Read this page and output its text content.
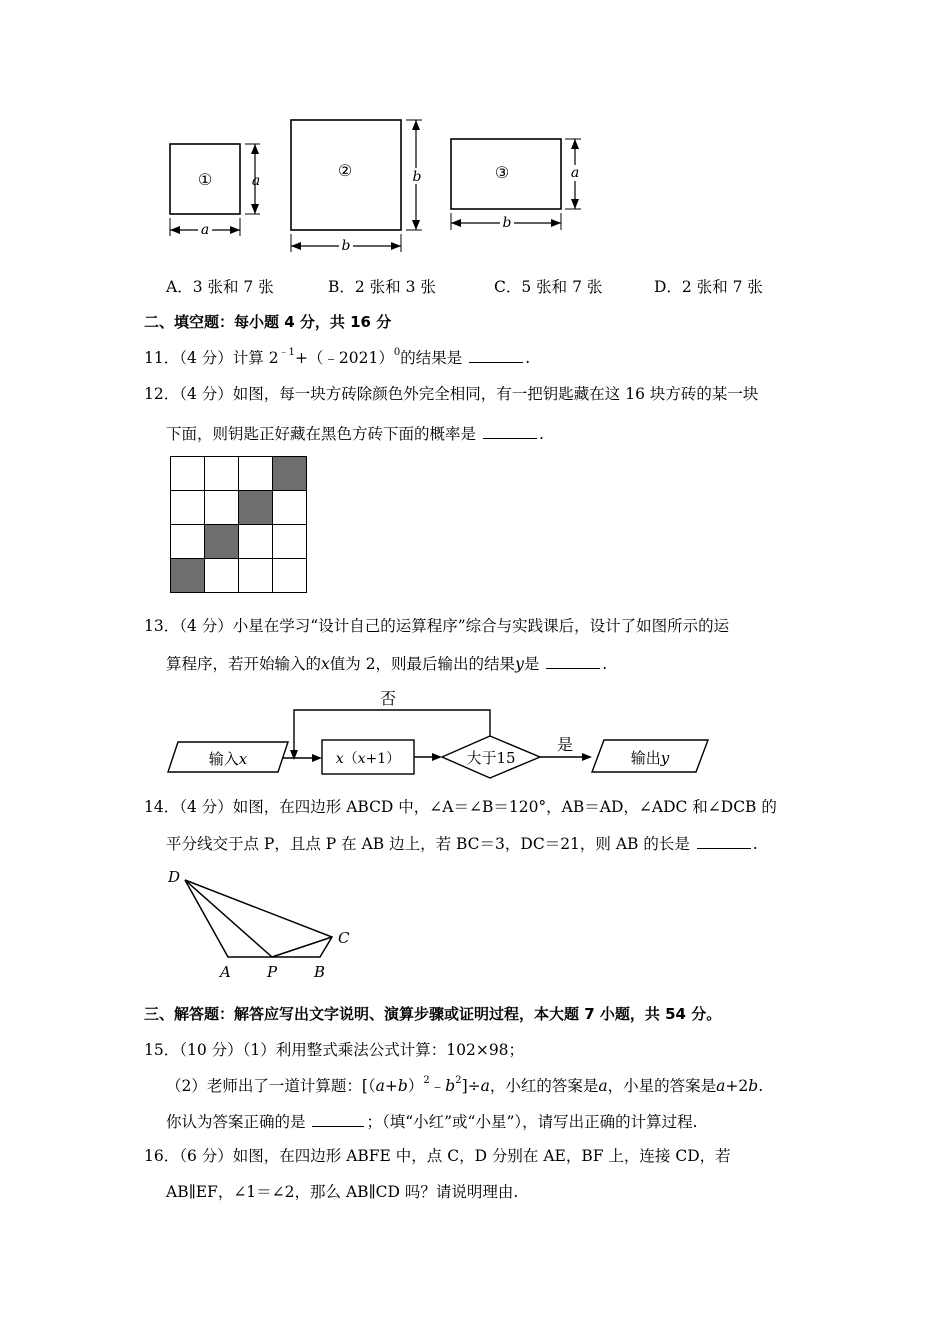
①	a
a
②	b
b
③	a
b
A．3 张和 7 张	B．2 张和 3 张	C．5 张和 7 张	D．2 张和 7 张
二、填空题：每小题 4 分，共 16 分
11．（4 分）计算 $2^{﹣1}+(﹣2021)^0$的结果是	.
12．（4 分）如图，每一块方砖除颜色外完全相同，有一把钥匙藏在这 16 块方砖的某一块
下面，则钥匙正好藏在黑色方砖下面的概率是	.

13．（4 分）小星在学习“设计自己的运算程序”综合与实践课后，设计了如图所示的运
算程序，若开始输入的x值为 2，则最后输出的结果y是	.
否
输入x	x（x+1）	大于15
是
输出y
14．（4 分）如图，在四边形 ABCD 中，∠A＝∠B＝120°，AB＝AD，∠ADC 和∠DCB 的
平分线交于点 P，且点 P 在 AB 边上，若 BC＝3，DC＝21，则 AB 的长是	.
D
C
A P B
三、解答题：解答应写出文字说明、演算步骤或证明过程，本大题 7 小题，共 54 分。
15．（10 分）（1）利用整式乘法公式计算：102×98；
（2）老师出了一道计算题：$[(a+b)^2﹣b^2]\div a$，小红的答案是a，小星的答案是a+2b.
你认为答案正确的是	；（填“小红”或“小星”），请写出正确的计算过程.
16．（6 分）如图，在四边形 ABFE 中，点 C，D 分别在 AE，BF 上，连接 CD，若
AB∥EF，∠1＝∠2，那么 AB∥CD 吗？请说明理由.
